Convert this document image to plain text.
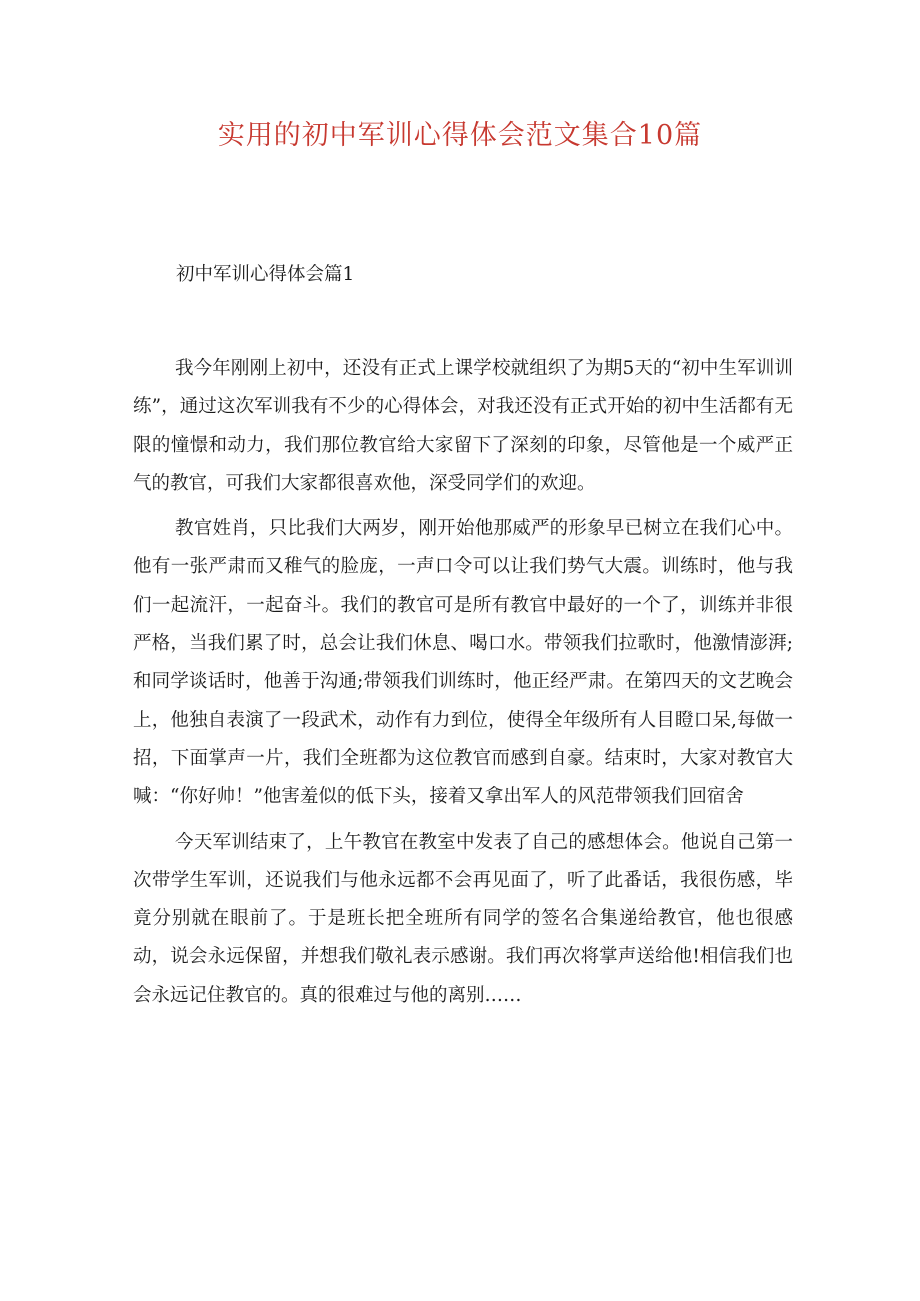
实用的初中军训心得体会范文集合10篇
初中军训心得体会篇1

我今年刚刚上初中，还没有正式上课学校就组织了为期5天的“初中生军训训练”，通过这次军训我有不少的心得体会，对我还没有正式开始的初中生活都有无限的憧憬和动力，我们那位教官给大家留下了深刻的印象，尽管他是一个威严正气的教官，可我们大家都很喜欢他，深受同学们的欢迎。

教官姓肖，只比我们大两岁，刚开始他那威严的形象早已树立在我们心中。他有一张严肃而又稚气的脸庞，一声口令可以让我们势气大震。训练时，他与我们一起流汗，一起奋斗。我们的教官可是所有教官中最好的一个了，训练并非很严格，当我们累了时，总会让我们休息、喝口水。带领我们拉歌时，他激情澎湃;和同学谈话时，他善于沟通;带领我们训练时，他正经严肃。在第四天的文艺晚会上，他独自表演了一段武术，动作有力到位，使得全年级所有人目瞪口呆,每做一招，下面掌声一片，我们全班都为这位教官而感到自豪。结束时，大家对教官大喊：“你好帅！”他害羞似的低下头，接着又拿出军人的风范带领我们回宿舍

今天军训结束了，上午教官在教室中发表了自己的感想体会。他说自己第一次带学生军训，还说我们与他永远都不会再见面了，听了此番话，我很伤感，毕竟分别就在眼前了。于是班长把全班所有同学的签名合集递给教官，他也很感动，说会永远保留，并想我们敬礼表示感谢。我们再次将掌声送给他!相信我们也会永远记住教官的。真的很难过与他的离别……
